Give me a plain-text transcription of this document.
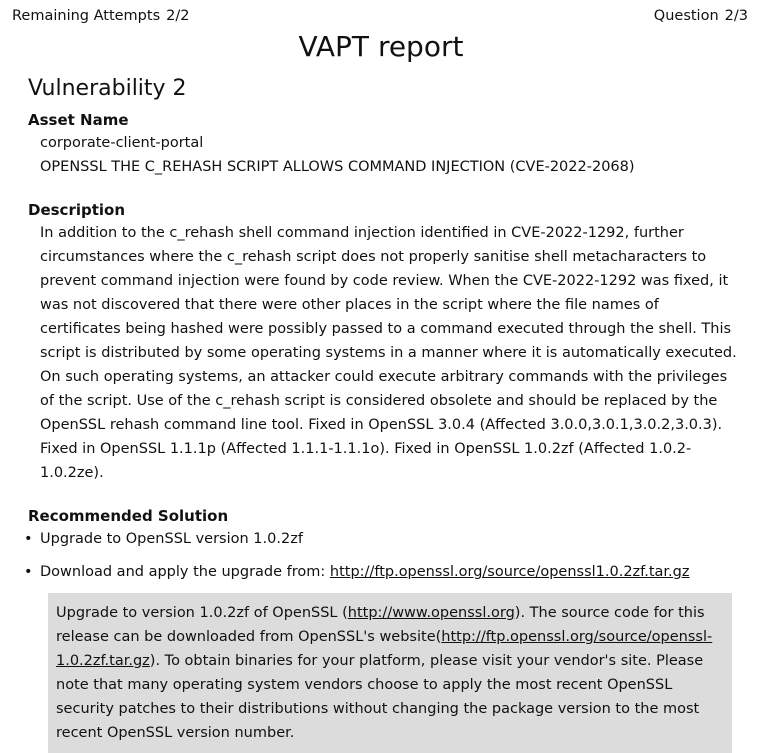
Remaining Attempts 2/2	Question 2/3
VAPT report
Vulnerability 2
Asset Name
corporate-client-portal
OPENSSL THE C_REHASH SCRIPT ALLOWS COMMAND INJECTION (CVE-2022-2068)
Description

In addition to the c_rehash shell command injection identified in CVE-2022-1292, further circumstances where the c_rehash script does not properly sanitise shell metacharacters to prevent command injection were found by code review. When the CVE-2022-1292 was fixed, it was not discovered that there were other places in the script where the file names of certificates being hashed were possibly passed to a command executed through the shell. This script is distributed by some operating systems in a manner where it is automatically executed. On such operating systems, an attacker could execute arbitrary commands with the privileges of the script. Use of the c_rehash script is considered obsolete and should be replaced by the OpenSSL rehash command line tool. Fixed in OpenSSL 3.0.4 (Affected 3.0.0,3.0.1,3.0.2,3.0.3). Fixed in OpenSSL 1.1.1p (Affected 1.1.1-1.1.1o). Fixed in OpenSSL 1.0.2zf (Affected 1.0.2-1.0.2ze).

Recommended Solution
• Upgrade to OpenSSL version 1.0.2zf
• Download and apply the upgrade from: http://ftp.openssl.org/source/openssl1.0.2zf.tar.gz
Upgrade to version 1.0.2zf of OpenSSL (http://www.openssl.org). The source code for this release can be downloaded from OpenSSL's website(http://ftp.openssl.org/source/openssl-1.0.2zf.tar.gz). To obtain binaries for your platform, please visit your vendor's site. Please note that many operating system vendors choose to apply the most recent OpenSSL security patches to their distributions without changing the package version to the most recent OpenSSL version number.
